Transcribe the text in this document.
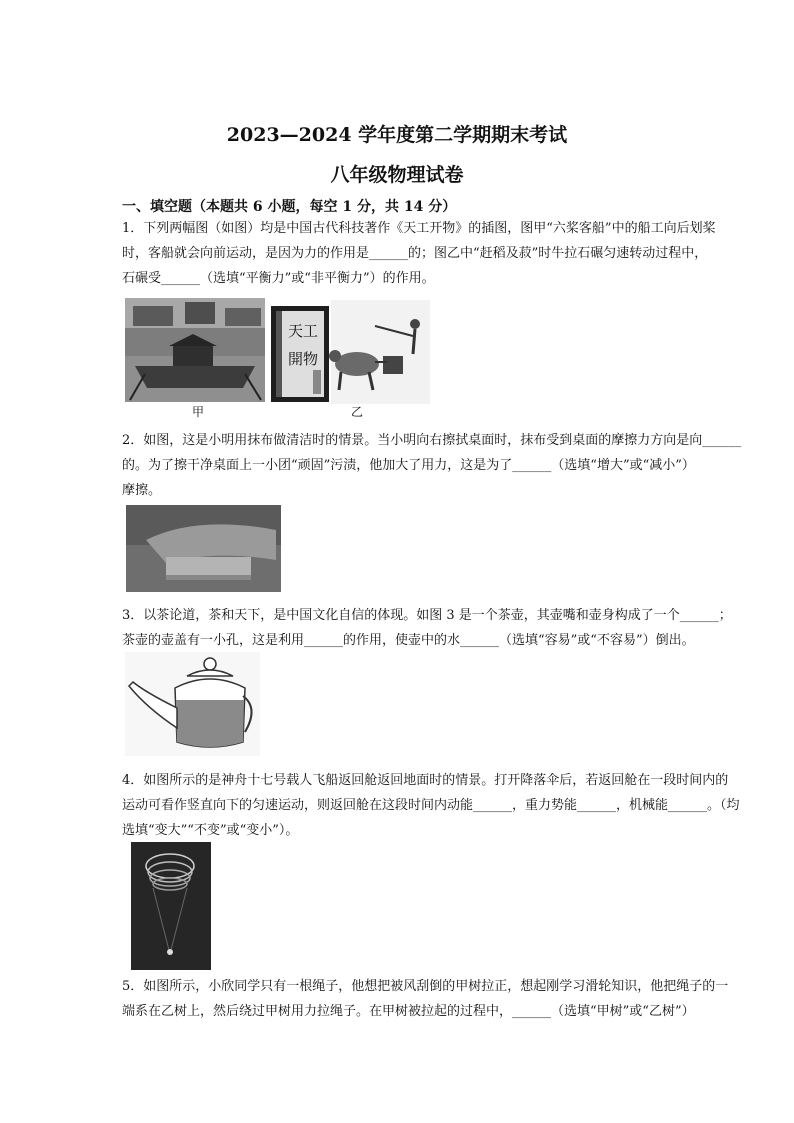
2023—2024 学年度第二学期期末考试
八年级物理试卷
一、填空题（本题共 6 小题，每空 1 分，共 14 分）
1．下列两幅图（如图）均是中国古代科技著作《天工开物》的插图，图甲“六桨客船”中的船工向后划桨
时，客船就会向前运动，是因为力的作用是______的；图乙中“赶稻及菽”时牛拉石碾匀速转动过程中，
石碾受______（选填“平衡力”或“非平衡力”）的作用。
甲
天工
開物
乙
2．如图，这是小明用抹布做清洁时的情景。当小明向右擦拭桌面时，抹布受到桌面的摩擦力方向是向______
的。为了擦干净桌面上一小团“顽固”污渍，他加大了用力，这是为了______（选填“增大”或“减小”）
摩擦。
3．以茶论道，茶和天下，是中国文化自信的体现。如图 3 是一个茶壶，其壶嘴和壶身构成了一个______；
茶壶的壶盖有一小孔，这是利用______的作用，使壶中的水______（选填“容易”或“不容易”）倒出。
4．如图所示的是神舟十七号载人飞船返回舱返回地面时的情景。打开降落伞后，若返回舱在一段时间内的
运动可看作竖直向下的匀速运动，则返回舱在这段时间内动能______，重力势能______，机械能______。（均
选填“变大”“不变”或“变小”）。
5．如图所示，小欣同学只有一根绳子，他想把被风刮倒的甲树拉正，想起刚学习滑轮知识，他把绳子的一
端系在乙树上，然后绕过甲树用力拉绳子。在甲树被拉起的过程中，______（选填“甲树”或“乙树”）
